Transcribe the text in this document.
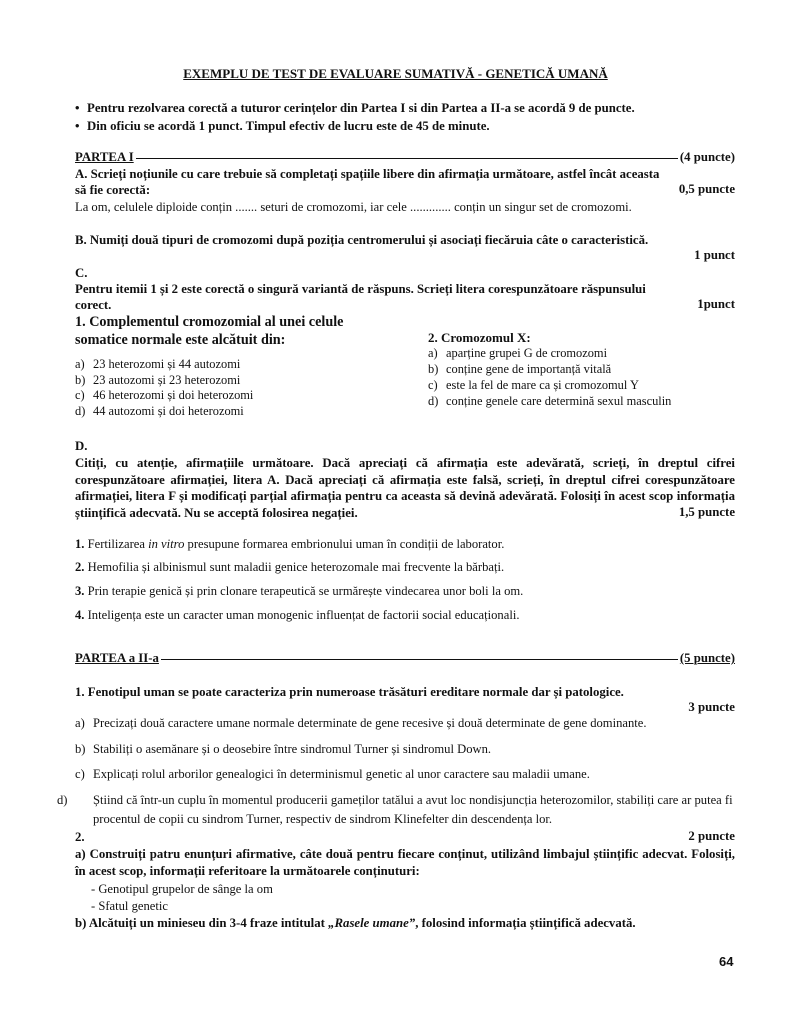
EXEMPLU DE TEST DE EVALUARE SUMATIVĂ - GENETICĂ UMANĂ
• Pentru rezolvarea corectă a tuturor cerințelor din Partea I si din Partea a II-a se acordă 9 de puncte.
• Din oficiu se acordă 1 punct. Timpul efectiv de lucru este de 45 de minute.
PARTEA I	(4 puncte)
A. Scrieți noțiunile cu care trebuie să completați spațiile libere din afirmația următoare, astfel încât aceasta
să fie corectă:	0,5 puncte
La om, celulele diploide conțin ....... seturi de cromozomi, iar cele ............. conțin un singur set de cromozomi.
B. Numiți două tipuri de cromozomi după poziția centromerului și asociați fiecăruia câte o caracteristică.
1 punct
C.
Pentru itemii 1 și 2 este corectă o singură variantă de răspuns. Scrieți litera corespunzătoare răspunsului
corect.	1punct
1. Complementul cromozomial al unei celule
somatice normale este alcătuit din:
a) 23 heterozomi și 44 autozomi
b) 23 autozomi și 23 heterozomi
c) 46 heterozomi și doi heterozomi
d) 44 autozomi și doi heterozomi
2. Cromozomul X:
a) aparține grupei G de cromozomi
b) conține gene de importanță vitală
c) este la fel de mare ca și cromozomul Y
d) conține genele care determină sexul masculin
D.
Citiți, cu atenție, afirmațiile următoare. Dacă apreciați că afirmația este adevărată, scrieți, în dreptul cifrei corespunzătoare afirmației, litera A. Dacă apreciați că afirmația este falsă, scrieți, în dreptul cifrei corespunzătoare afirmației, litera F și modificați parțial afirmația pentru ca aceasta să devină adevărată. Folosiți în acest scop informația științifică adecvată. Nu se acceptă folosirea negației.	1,5 puncte
1. Fertilizarea in vitro presupune formarea embrionului uman în condiții de laborator.
2. Hemofilia și albinismul sunt maladii genice heterozomale mai frecvente la bărbați.
3. Prin terapie genică și prin clonare terapeutică se urmărește vindecarea unor boli la om.
4. Inteligența este un caracter uman monogenic influențat de factorii social educaționali.
PARTEA a II-a	(5 puncte)
1. Fenotipul uman se poate caracteriza prin numeroase trăsături ereditare normale dar și patologice.
3 puncte
a) Precizați două caractere umane normale determinate de gene recesive și două determinate de gene dominante.
b) Stabiliți o asemănare și o deosebire între sindromul Turner și sindromul Down.
c) Explicați rolul arborilor genealogici în determinismul genetic al unor caractere sau maladii umane.
d) Știind că într-un cuplu în momentul producerii gameților tatălui a avut loc nondisjuncția heterozomilor, stabiliți care ar putea fi procentul de copii cu sindrom Turner, respectiv de sindrom Klinefelter din descendența lor.
2.	2 puncte
a) Construiți patru enunțuri afirmative, câte două pentru fiecare conținut, utilizând limbajul științific adecvat. Folosiți, în acest scop, informații referitoare la următoarele conținuturi:
- Genotipul grupelor de sânge la om
- Sfatul genetic
b) Alcătuiți un minieseu din 3-4 fraze intitulat „Rasele umane”, folosind informația științifică adecvată.
64
